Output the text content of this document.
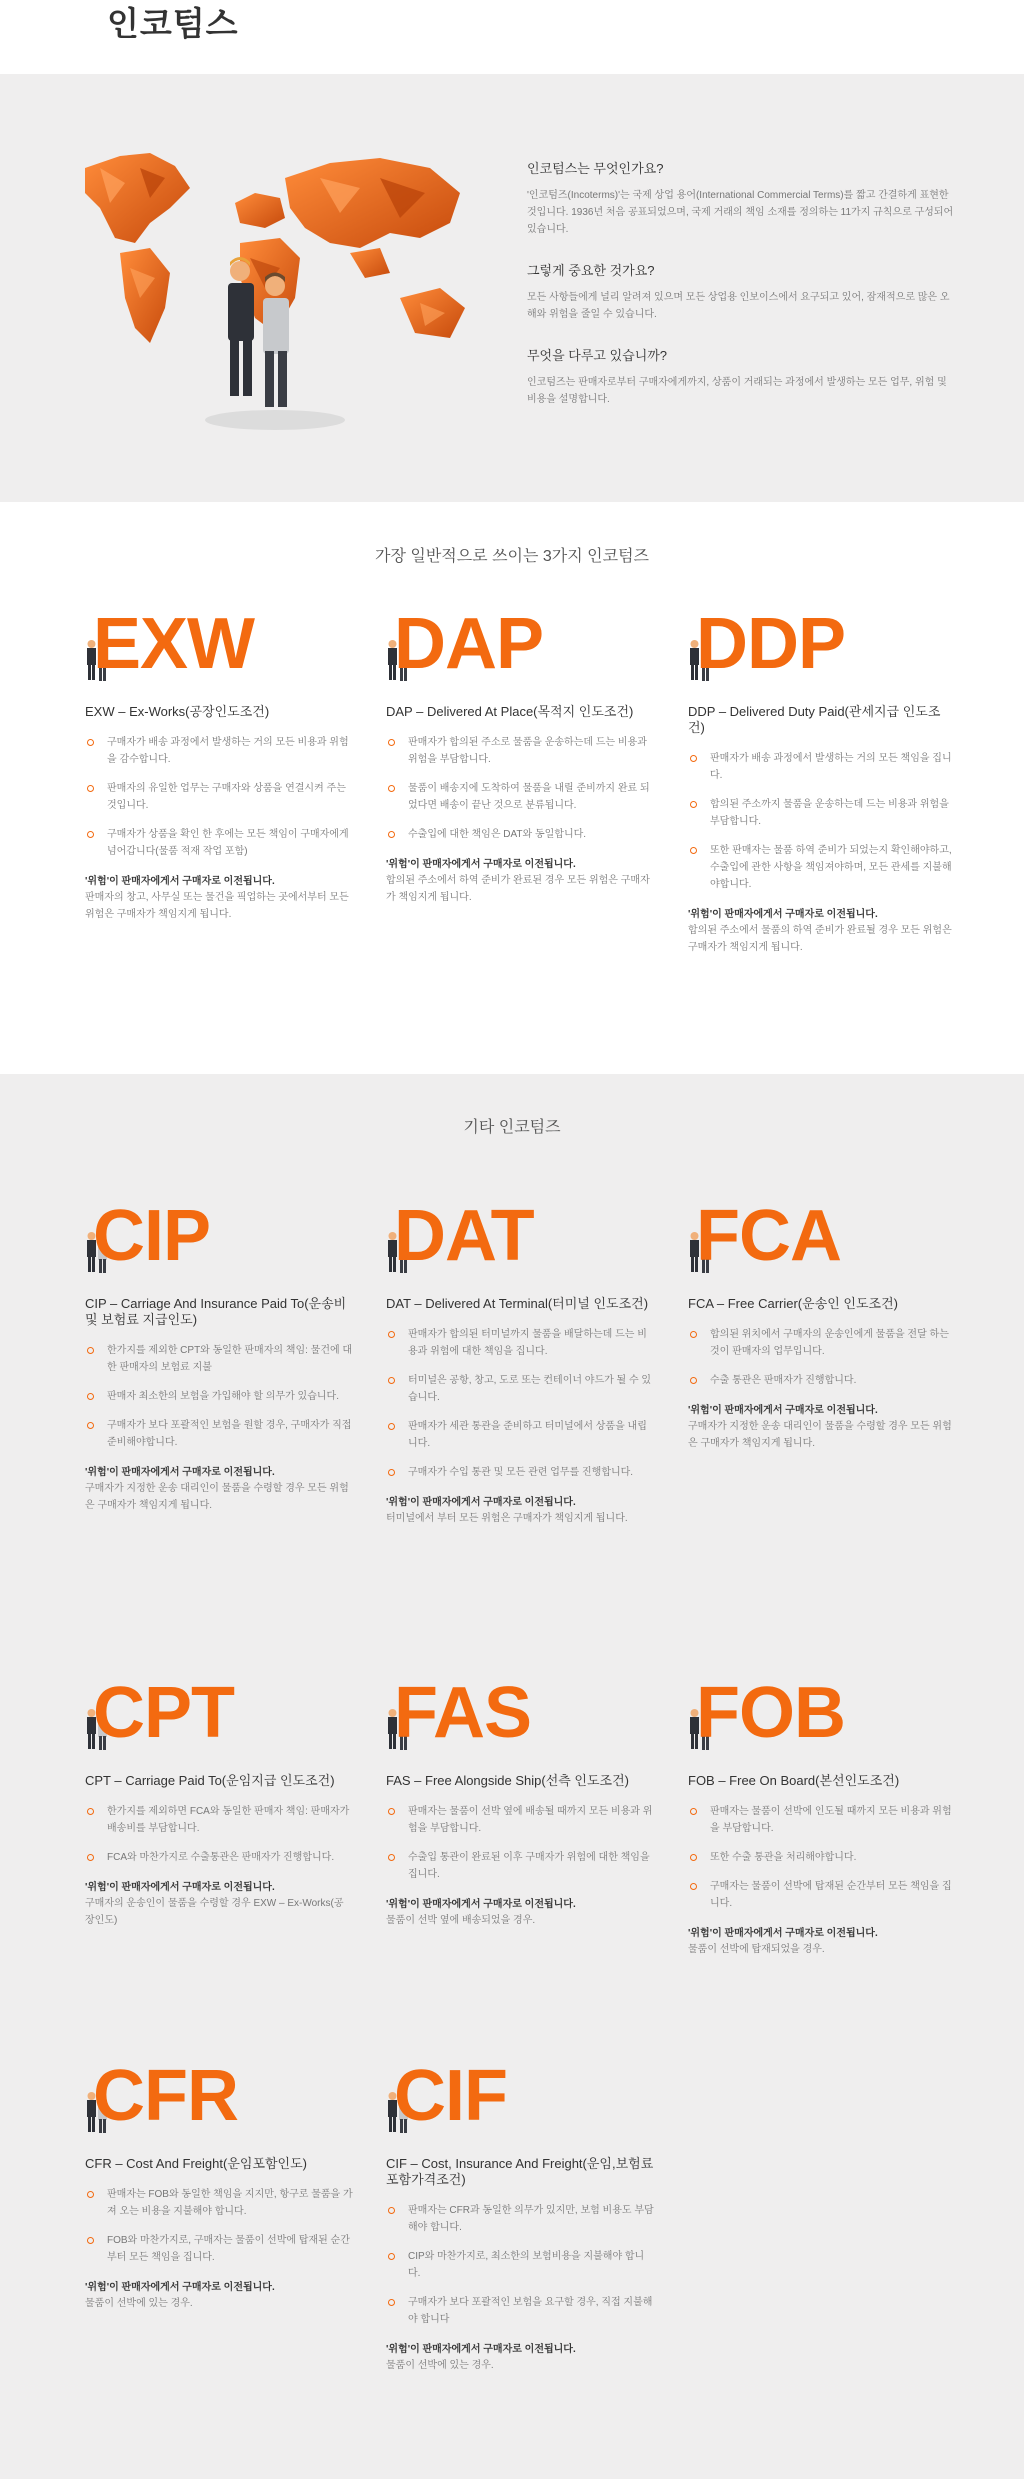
인코텀스
인코텀스는 무엇인가요?

'인코텀즈(Incoterms)'는 국제 상업 용어(International Commercial Terms)를 짧고 간결하게 표현한 것입니다. 1936년 처음 공표되었으며, 국제 거래의 책임 소재를 정의하는 11가지 규칙으로 구성되어 있습니다.

그렇게 중요한 것가요?

모든 사항들에게 널리 알려져 있으며 모든 상업용 인보이스에서 요구되고 있어, 잠재적으로 많은 오해와 위험을 줄일 수 있습니다.

무엇을 다루고 있습니까?

인코텀즈는 판매자로부터 구매자에게까지, 상품이 거래되는 과정에서 발생하는 모든 업무, 위험 및 비용을 설명합니다.

가장 일반적으로 쓰이는 3가지 인코텀즈
기타 인코텀즈
EXW
EXW – Ex-Works(공장인도조건)
구매자가 배송 과정에서 발생하는 거의 모든 비용과 위험을 감수합니다.
판매자의 유일한 업무는 구매자와 상품을 연결시켜 주는 것입니다.
구매자가 상품을 확인 한 후에는 모든 책임이 구매자에게 넘어갑니다(물품 적재 작업 포함)
'위험'이 판매자에게서 구매자로 이전됩니다.
판매자의 창고, 사무실 또는 물건을 픽업하는 곳에서부터 모든 위험은 구매자가 책임지게 됩니다.
DAP
DAP – Delivered At Place(목적지 인도조건)
판매자가 합의된 주소로 물품을 운송하는데 드는 비용과 위험을 부담합니다.
물품이 배송지에 도착하여 물품을 내릴 준비까지 완료 되었다면 배송이 끝난 것으로 분류됩니다.
수출입에 대한 책임은 DAT와 동일합니다.
'위험'이 판매자에게서 구매자로 이전됩니다.
합의된 주소에서 하역 준비가 완료된 경우 모든 위험은 구매자가 책임지게 됩니다.
DDP
DDP – Delivered Duty Paid(관세지급 인도조건)
판매자가 배송 과정에서 발생하는 거의 모든 책임을 집니다.
합의된 주소까지 물품을 운송하는데 드는 비용과 위험을 부담합니다.
또한 판매자는 물품 하역 준비가 되었는지 확인해야하고, 수출입에 관한 사항을 책임져야하며, 모든 관세를 지불해야합니다.
'위험'이 판매자에게서 구매자로 이전됩니다.
합의된 주소에서 물품의 하역 준비가 완료될 경우 모든 위험은 구매자가 책임지게 됩니다.
CIP
CIP – Carriage And Insurance Paid To(운송비 및 보험료 지급인도)
한가지를 제외한 CPT와 동일한 판매자의 책임: 물건에 대한 판매자의 보험료 지불
판매자 최소한의 보험을 가입해야 할 의무가 있습니다.
구매자가 보다 포괄적인 보험을 원할 경우, 구매자가 직접 준비해야합니다.
'위험'이 판매자에게서 구매자로 이전됩니다.
구매자가 지정한 운송 대리인이 물품을 수령할 경우 모든 위험은 구매자가 책임지게 됩니다.
DAT
DAT – Delivered At Terminal(터미널 인도조건)
판매자가 합의된 터미널까지 물품을 배달하는데 드는 비용과 위험에 대한 책임을 집니다.
터미널은 공항, 창고, 도로 또는 컨테이너 야드가 될 수 있습니다.
판매자가 세관 통관을 준비하고 터미널에서 상품을 내립니다.
구매자가 수입 통관 및 모든 관련 업무를 진행합니다.
'위험'이 판매자에게서 구매자로 이전됩니다.
터미널에서 부터 모든 위험은 구매자가 책임지게 됩니다.
FCA
FCA – Free Carrier(운송인 인도조건)
합의된 위치에서 구매자의 운송인에게 물품을 전달 하는 것이 판매자의 업무입니다.
수출 통관은 판매자가 진행합니다.
'위험'이 판매자에게서 구매자로 이전됩니다.
구매자가 지정한 운송 대리인이 물품을 수령할 경우 모든 위험은 구매자가 책임지게 됩니다.
CPT
CPT – Carriage Paid To(운임지급 인도조건)
한가지를 제외하면 FCA와 동일한 판매자 책임: 판매자가 배송비를 부담합니다.
FCA와 마찬가지로 수출통관은 판매자가 진행합니다.
'위험'이 판매자에게서 구매자로 이전됩니다.
구매자의 운송인이 물품을 수령할 경우 EXW – Ex-Works(공장인도)
FAS
FAS – Free Alongside Ship(선측 인도조건)
판매자는 물품이 선박 옆에 배송될 때까지 모든 비용과 위험을 부담합니다.
수출입 통관이 완료된 이후 구매자가 위험에 대한 책임을 집니다.
'위험'이 판매자에게서 구매자로 이전됩니다.
물품이 선박 옆에 배송되었을 경우.
FOB
FOB – Free On Board(본선인도조건)
판매자는 물품이 선박에 인도될 때까지 모든 비용과 위험을 부담합니다.
또한 수출 통관을 처리해야합니다.
구매자는 물품이 선박에 탑재된 순간부터 모든 책임을 집니다.
'위험'이 판매자에게서 구매자로 이전됩니다.
물품이 선박에 탑재되었을 경우.
CFR
CFR – Cost And Freight(운임포함인도)
판매자는 FOB와 동일한 책임을 지지만, 항구로 물품을 가져 오는 비용을 지불해야 합니다.
FOB와 마찬가지로, 구매자는 물품이 선박에 탑재된 순간부터 모든 책임을 집니다.
'위험'이 판매자에게서 구매자로 이전됩니다.
물품이 선박에 있는 경우.
CIF
CIF – Cost, Insurance And Freight(운임,보험료 포함가격조건)
판매자는 CFR과 동일한 의무가 있지만, 보험 비용도 부담해야 합니다.
CIP와 마찬가지로, 최소한의 보험비용을 지불해야 합니다.
구매자가 보다 포괄적인 보험을 요구할 경우, 직접 지불해야 합니다
'위험'이 판매자에게서 구매자로 이전됩니다.
물품이 선박에 있는 경우.
